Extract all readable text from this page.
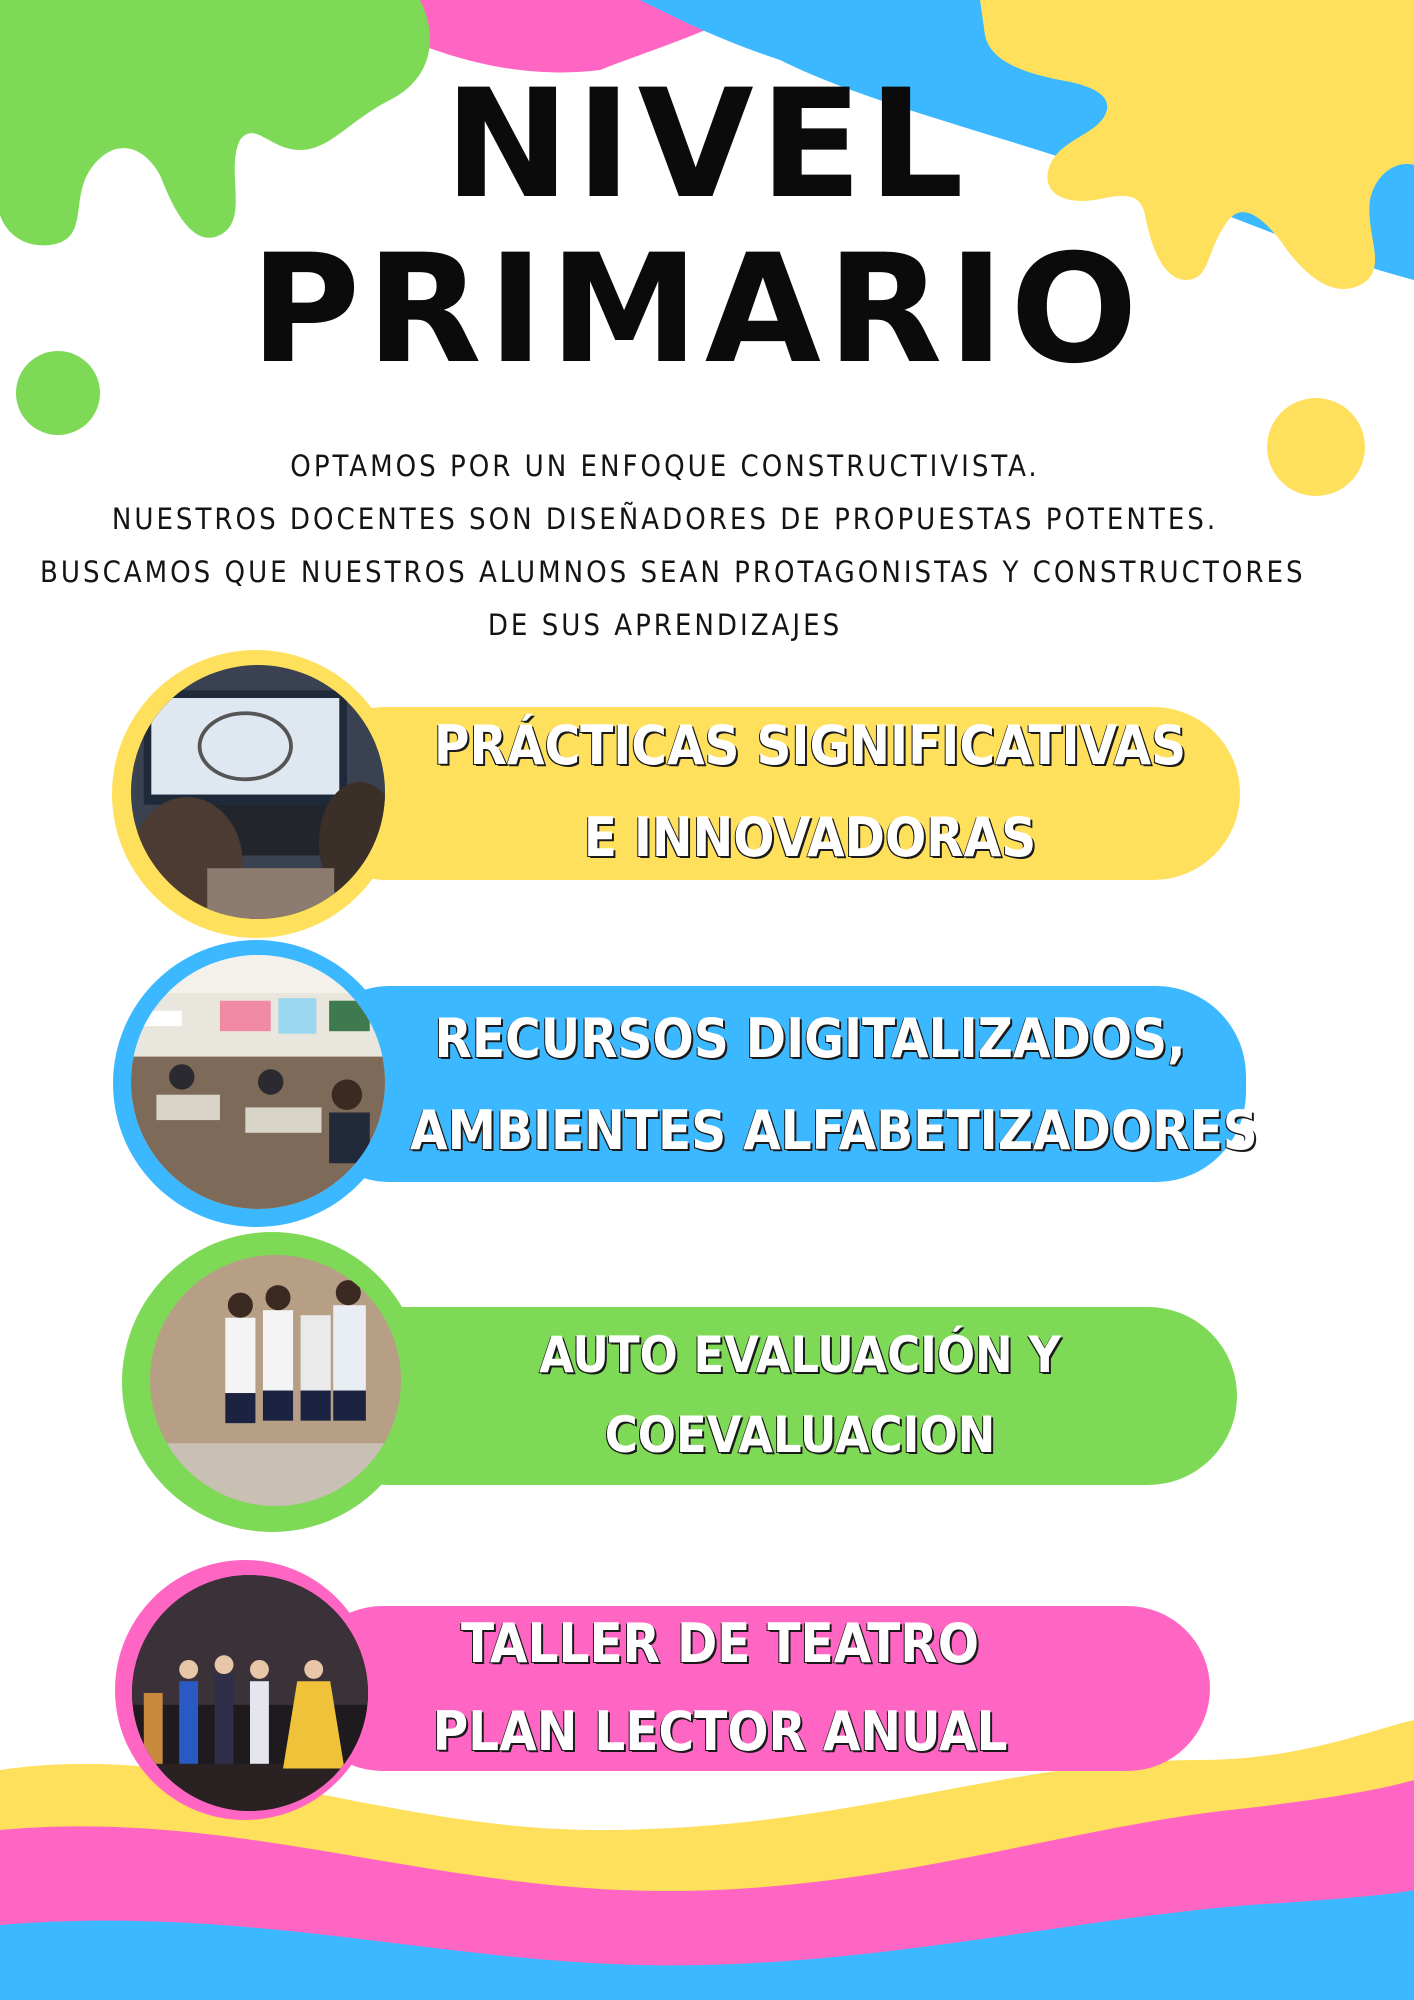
NIVEL
PRIMARIO
OPTAMOS POR UN ENFOQUE CONSTRUCTIVISTA.
NUESTROS DOCENTES SON DISEÑADORES DE PROPUESTAS POTENTES.
BUSCAMOS QUE NUESTROS ALUMNOS SEAN PROTAGONISTAS Y CONSTRUCTORES
DE SUS APRENDIZAJES
PRÁCTICAS SIGNIFICATIVAS
E INNOVADORAS
RECURSOS DIGITALIZADOS,
AMBIENTES ALFABETIZADORES
AUTO EVALUACIÓN Y
COEVALUACION
TALLER DE TEATRO
PLAN LECTOR ANUAL
